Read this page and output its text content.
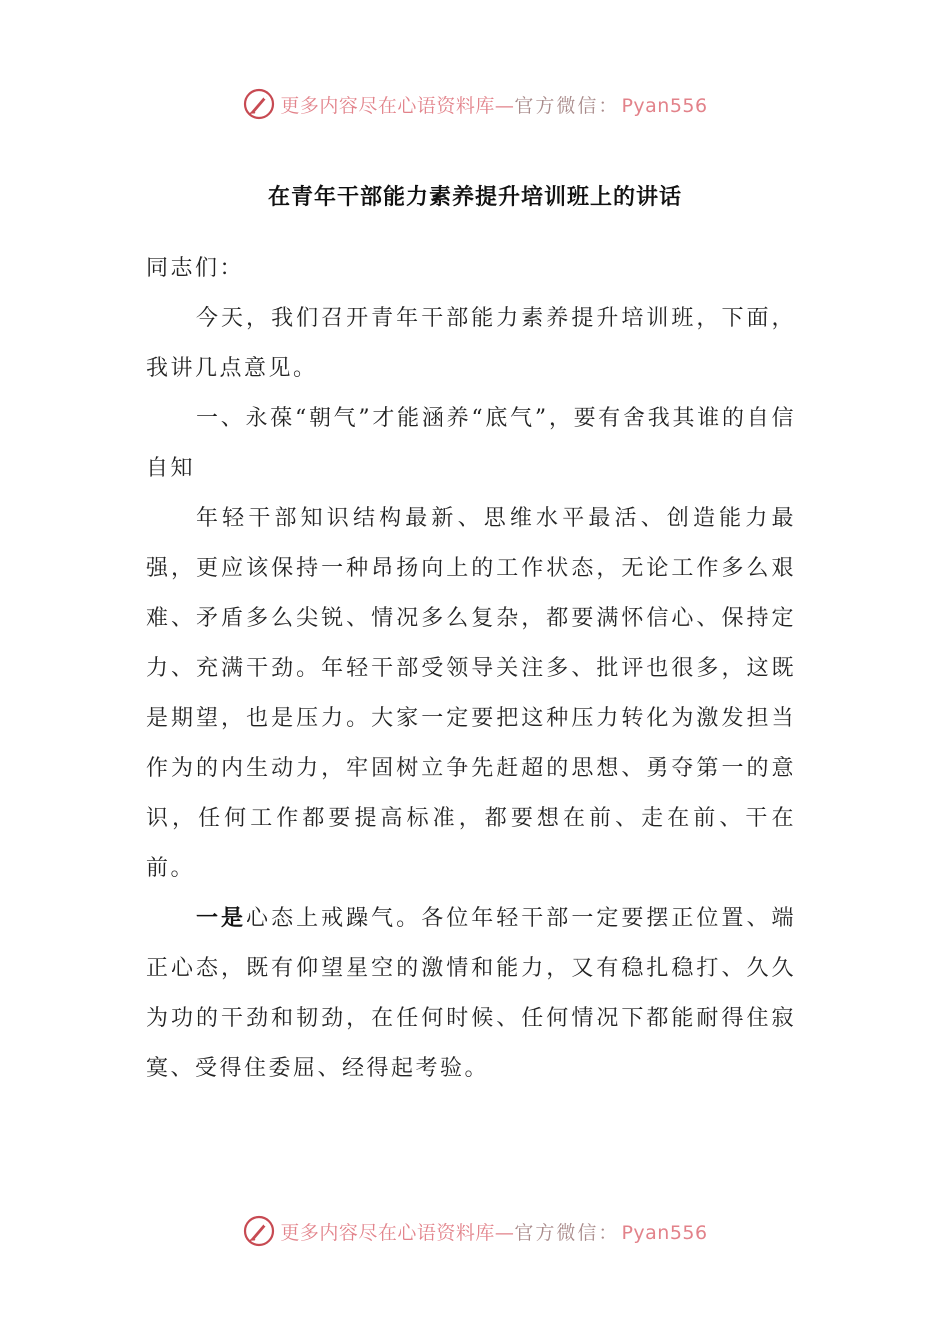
更多内容尽在心语资料库—官方微信： Pyan556
在青年干部能力素养提升培训班上的讲话

同志们：

今天，我们召开青年干部能力素养提升培训班，下面，我讲几点意见。

一、永葆“朝气”才能涵养“底气”，要有舍我其谁的自信自知

年轻干部知识结构最新、思维水平最活、创造能力最强，更应该保持一种昂扬向上的工作状态，无论工作多么艰难、矛盾多么尖锐、情况多么复杂，都要满怀信心、保持定力、充满干劲。年轻干部受领导关注多、批评也很多，这既是期望，也是压力。大家一定要把这种压力转化为激发担当作为的内生动力，牢固树立争先赶超的思想、勇夺第一的意识，任何工作都要提高标准，都要想在前、走在前、干在前。

一是心态上戒躁气。各位年轻干部一定要摆正位置、端正心态，既有仰望星空的激情和能力，又有稳扎稳打、久久为功的干劲和韧劲，在任何时候、任何情况下都能耐得住寂寞、受得住委屈、经得起考验。

更多内容尽在心语资料库—官方微信： Pyan556
